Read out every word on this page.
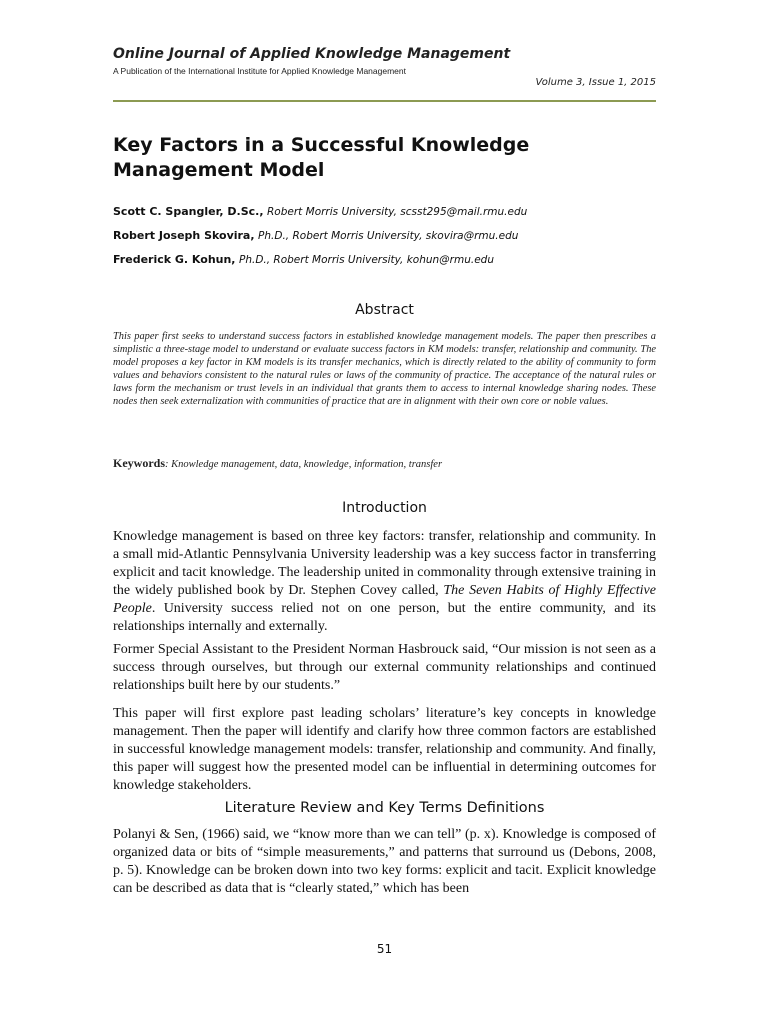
Online Journal of Applied Knowledge Management
A Publication of the International Institute for Applied Knowledge Management
Volume 3, Issue 1, 2015
Key Factors in a Successful Knowledge
Management Model
Scott C. Spangler, D.Sc., Robert Morris University, scsst295@mail.rmu.edu
Robert Joseph Skovira, Ph.D., Robert Morris University, skovira@rmu.edu
Frederick G. Kohun, Ph.D., Robert Morris University, kohun@rmu.edu
Abstract
This paper first seeks to understand success factors in established knowledge management models. The paper then prescribes a simplistic a three-stage model to understand or evaluate success factors in KM models: transfer, relationship and community. The model proposes a key factor in KM models is its transfer mechanics, which is directly related to the ability of community to form values and behaviors consistent to the natural rules or laws of the community of practice. The acceptance of the natural rules or laws form the mechanism or trust levels in an individual that grants them to access to internal knowledge sharing nodes. These nodes then seek externalization with communities of practice that are in alignment with their own core or noble values.
Keywords: Knowledge management, data, knowledge, information, transfer
Introduction
Knowledge management is based on three key factors: transfer, relationship and community. In a small mid-Atlantic Pennsylvania University leadership was a key success factor in transferring explicit and tacit knowledge. The leadership united in commonality through extensive training in the widely published book by Dr. Stephen Covey called, The Seven Habits of Highly Effective People. University success relied not on one person, but the entire community, and its relationships internally and externally.
Former Special Assistant to the President Norman Hasbrouck said, “Our mission is not seen as a success through ourselves, but through our external community relationships and continued relationships built here by our students.”
This paper will first explore past leading scholars’ literature’s key concepts in knowledge management. Then the paper will identify and clarify how three common factors are established in successful knowledge management models: transfer, relationship and community. And finally, this paper will suggest how the presented model can be influential in determining outcomes for knowledge stakeholders.
Literature Review and Key Terms Definitions
Polanyi & Sen, (1966) said, we “know more than we can tell” (p. x). Knowledge is composed of organized data or bits of “simple measurements,” and patterns that surround us (Debons, 2008, p. 5). Knowledge can be broken down into two key forms: explicit and tacit. Explicit knowledge can be described as data that is “clearly stated,” which has been
51
